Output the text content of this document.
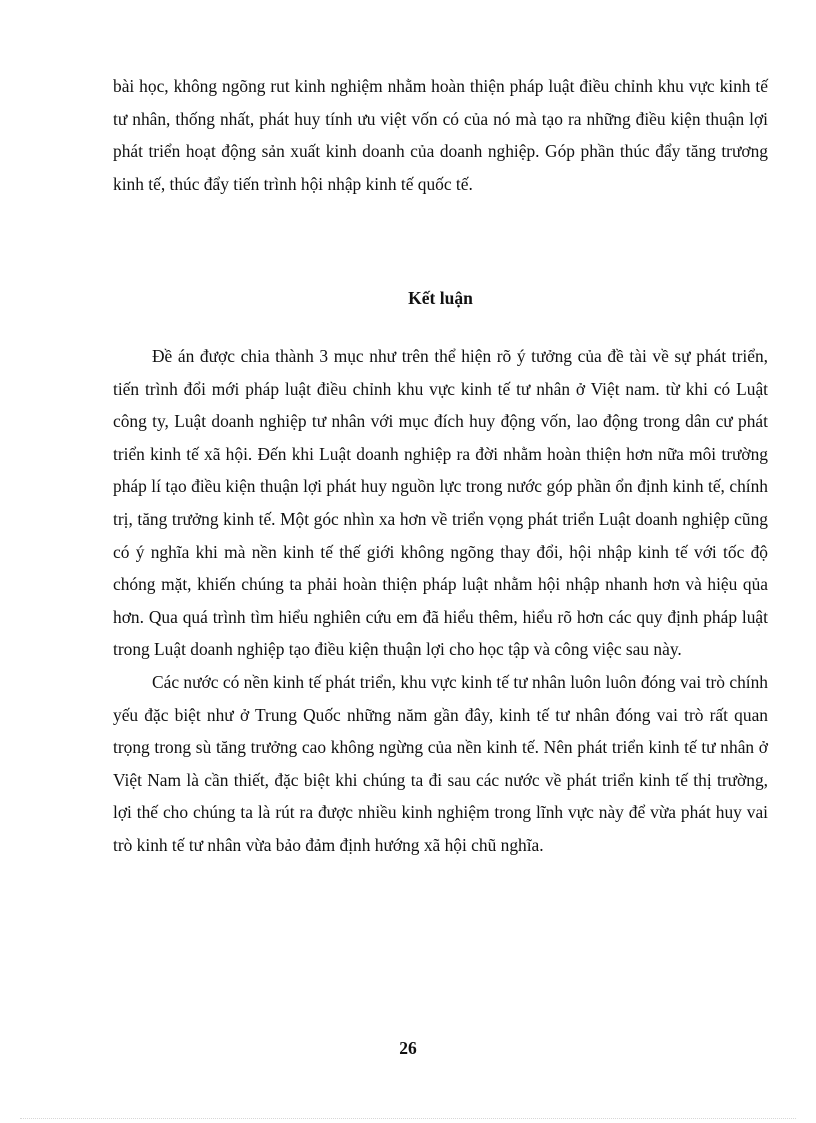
bài học, không ngõng rut kinh nghiệm nhằm hoàn thiện pháp luật điều chỉnh khu vực kinh tế tư nhân, thống nhất, phát huy tính ưu việt vốn có của nó mà tạo ra những điều kiện thuận lợi phát triển hoạt động sản xuất kinh doanh của doanh nghiệp. Góp phần thúc đẩy tăng trương kinh tế, thúc đẩy tiến trình hội nhập kinh tế quốc tế.

Kết luận

Đề án được chia thành 3 mục như trên thể hiện rõ ý tưởng của đề tài về sự phát triển, tiến trình đổi mới pháp luật điều chỉnh khu vực kinh tế tư nhân ở Việt nam. từ khi có Luật công ty, Luật doanh nghiệp tư nhân với mục đích huy động vốn, lao động trong dân cư phát triển kinh tế xã hội. Đến khi Luật doanh nghiệp ra đời nhằm hoàn thiện hơn nữa môi trường pháp lí tạo điều kiện thuận lợi phát huy nguồn lực trong nước góp phần ổn định kinh tế, chính trị, tăng trưởng kinh tế. Một góc nhìn xa hơn về triển vọng phát triển Luật doanh nghiệp cũng có ý nghĩa khi mà nền kinh tế thế giới không ngõng thay đổi, hội nhập kinh tế với tốc độ chóng mặt, khiến chúng ta phải hoàn thiện pháp luật nhằm hội nhập nhanh hơn và hiệu qủa hơn. Qua quá trình tìm hiểu nghiên cứu em đã hiểu thêm, hiểu rõ hơn các quy định pháp luật trong Luật doanh nghiệp tạo điều kiện thuận lợi cho học tập và công việc sau này.

Các nước có nền kinh tế phát triển, khu vực kinh tế tư nhân luôn luôn đóng vai trò chính yếu đặc biệt như ở Trung Quốc những năm gần đây, kinh tế tư nhân đóng vai trò rất quan trọng trong sù tăng trưởng cao không ngừng của nền kinh tế. Nên phát triển kinh tế tư nhân ở Việt Nam là cần thiết, đặc biệt khi chúng ta đi sau các nước về phát triển kinh tế thị trường, lợi thế cho chúng ta là rút ra được nhiều kinh nghiệm trong lĩnh vực này để vừa phát huy vai trò kinh tế tư nhân vừa bảo đảm định hướng xã hội chũ nghĩa.

26
